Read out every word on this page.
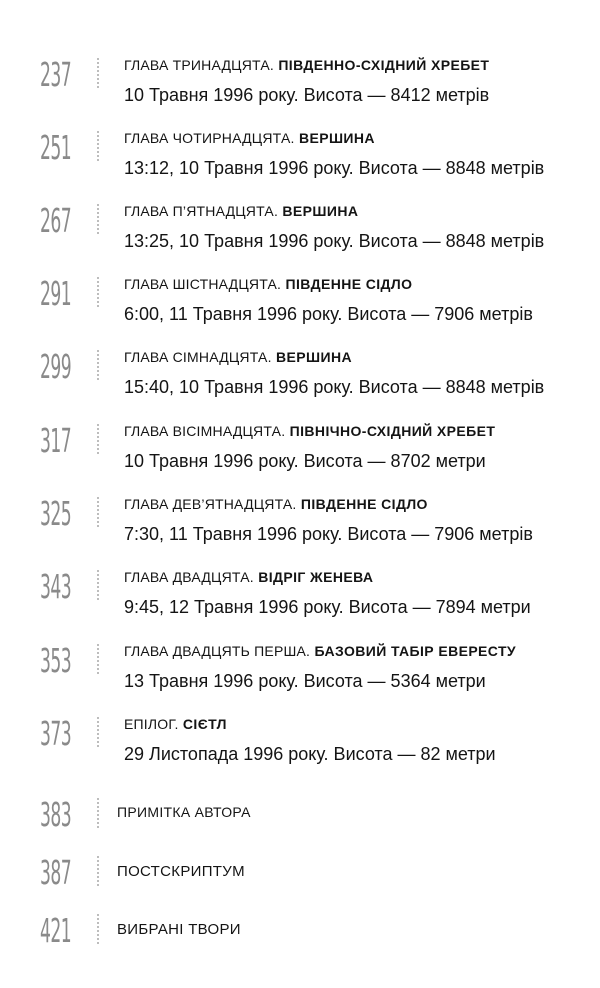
237	ГЛАВА ТРИНАДЦЯТА. ПІВДЕННО-СХІДНИЙ ХРЕБЕТ
10 Травня 1996 року. Висота — 8412 метрів
251	ГЛАВА ЧОТИРНАДЦЯТА. ВЕРШИНА
13:12, 10 Травня 1996 року. Висота — 8848 метрів
267	ГЛАВА П’ЯТНАДЦЯТА. ВЕРШИНА
13:25, 10 Травня 1996 року. Висота — 8848 метрів
291	ГЛАВА ШІСТНАДЦЯТА. ПІВДЕННЕ СІДЛО
6:00, 11 Травня 1996 року. Висота — 7906 метрів
299	ГЛАВА СІМНАДЦЯТА. ВЕРШИНА
15:40, 10 Травня 1996 року. Висота — 8848 метрів
317	ГЛАВА ВІСІМНАДЦЯТА. ПІВНІЧНО-СХІДНИЙ ХРЕБЕТ
10 Травня 1996 року. Висота — 8702 метри
325	ГЛАВА ДЕВ’ЯТНАДЦЯТА. ПІВДЕННЕ СІДЛО
7:30, 11 Травня 1996 року. Висота — 7906 метрів
343	ГЛАВА ДВАДЦЯТА. ВІДРІГ ЖЕНЕВА
9:45, 12 Травня 1996 року. Висота — 7894 метри
353	ГЛАВА ДВАДЦЯТЬ ПЕРША. БАЗОВИЙ ТАБІР ЕВЕРЕСТУ
13 Травня 1996 року. Висота — 5364 метри
373	ЕПІЛОГ. СІЄТЛ
29 Листопада 1996 року. Висота — 82 метри
383	ПРИМІТКА АВТОРА
387	ПОСТСКРИПТУМ
421	ВИБРАНІ ТВОРИ
